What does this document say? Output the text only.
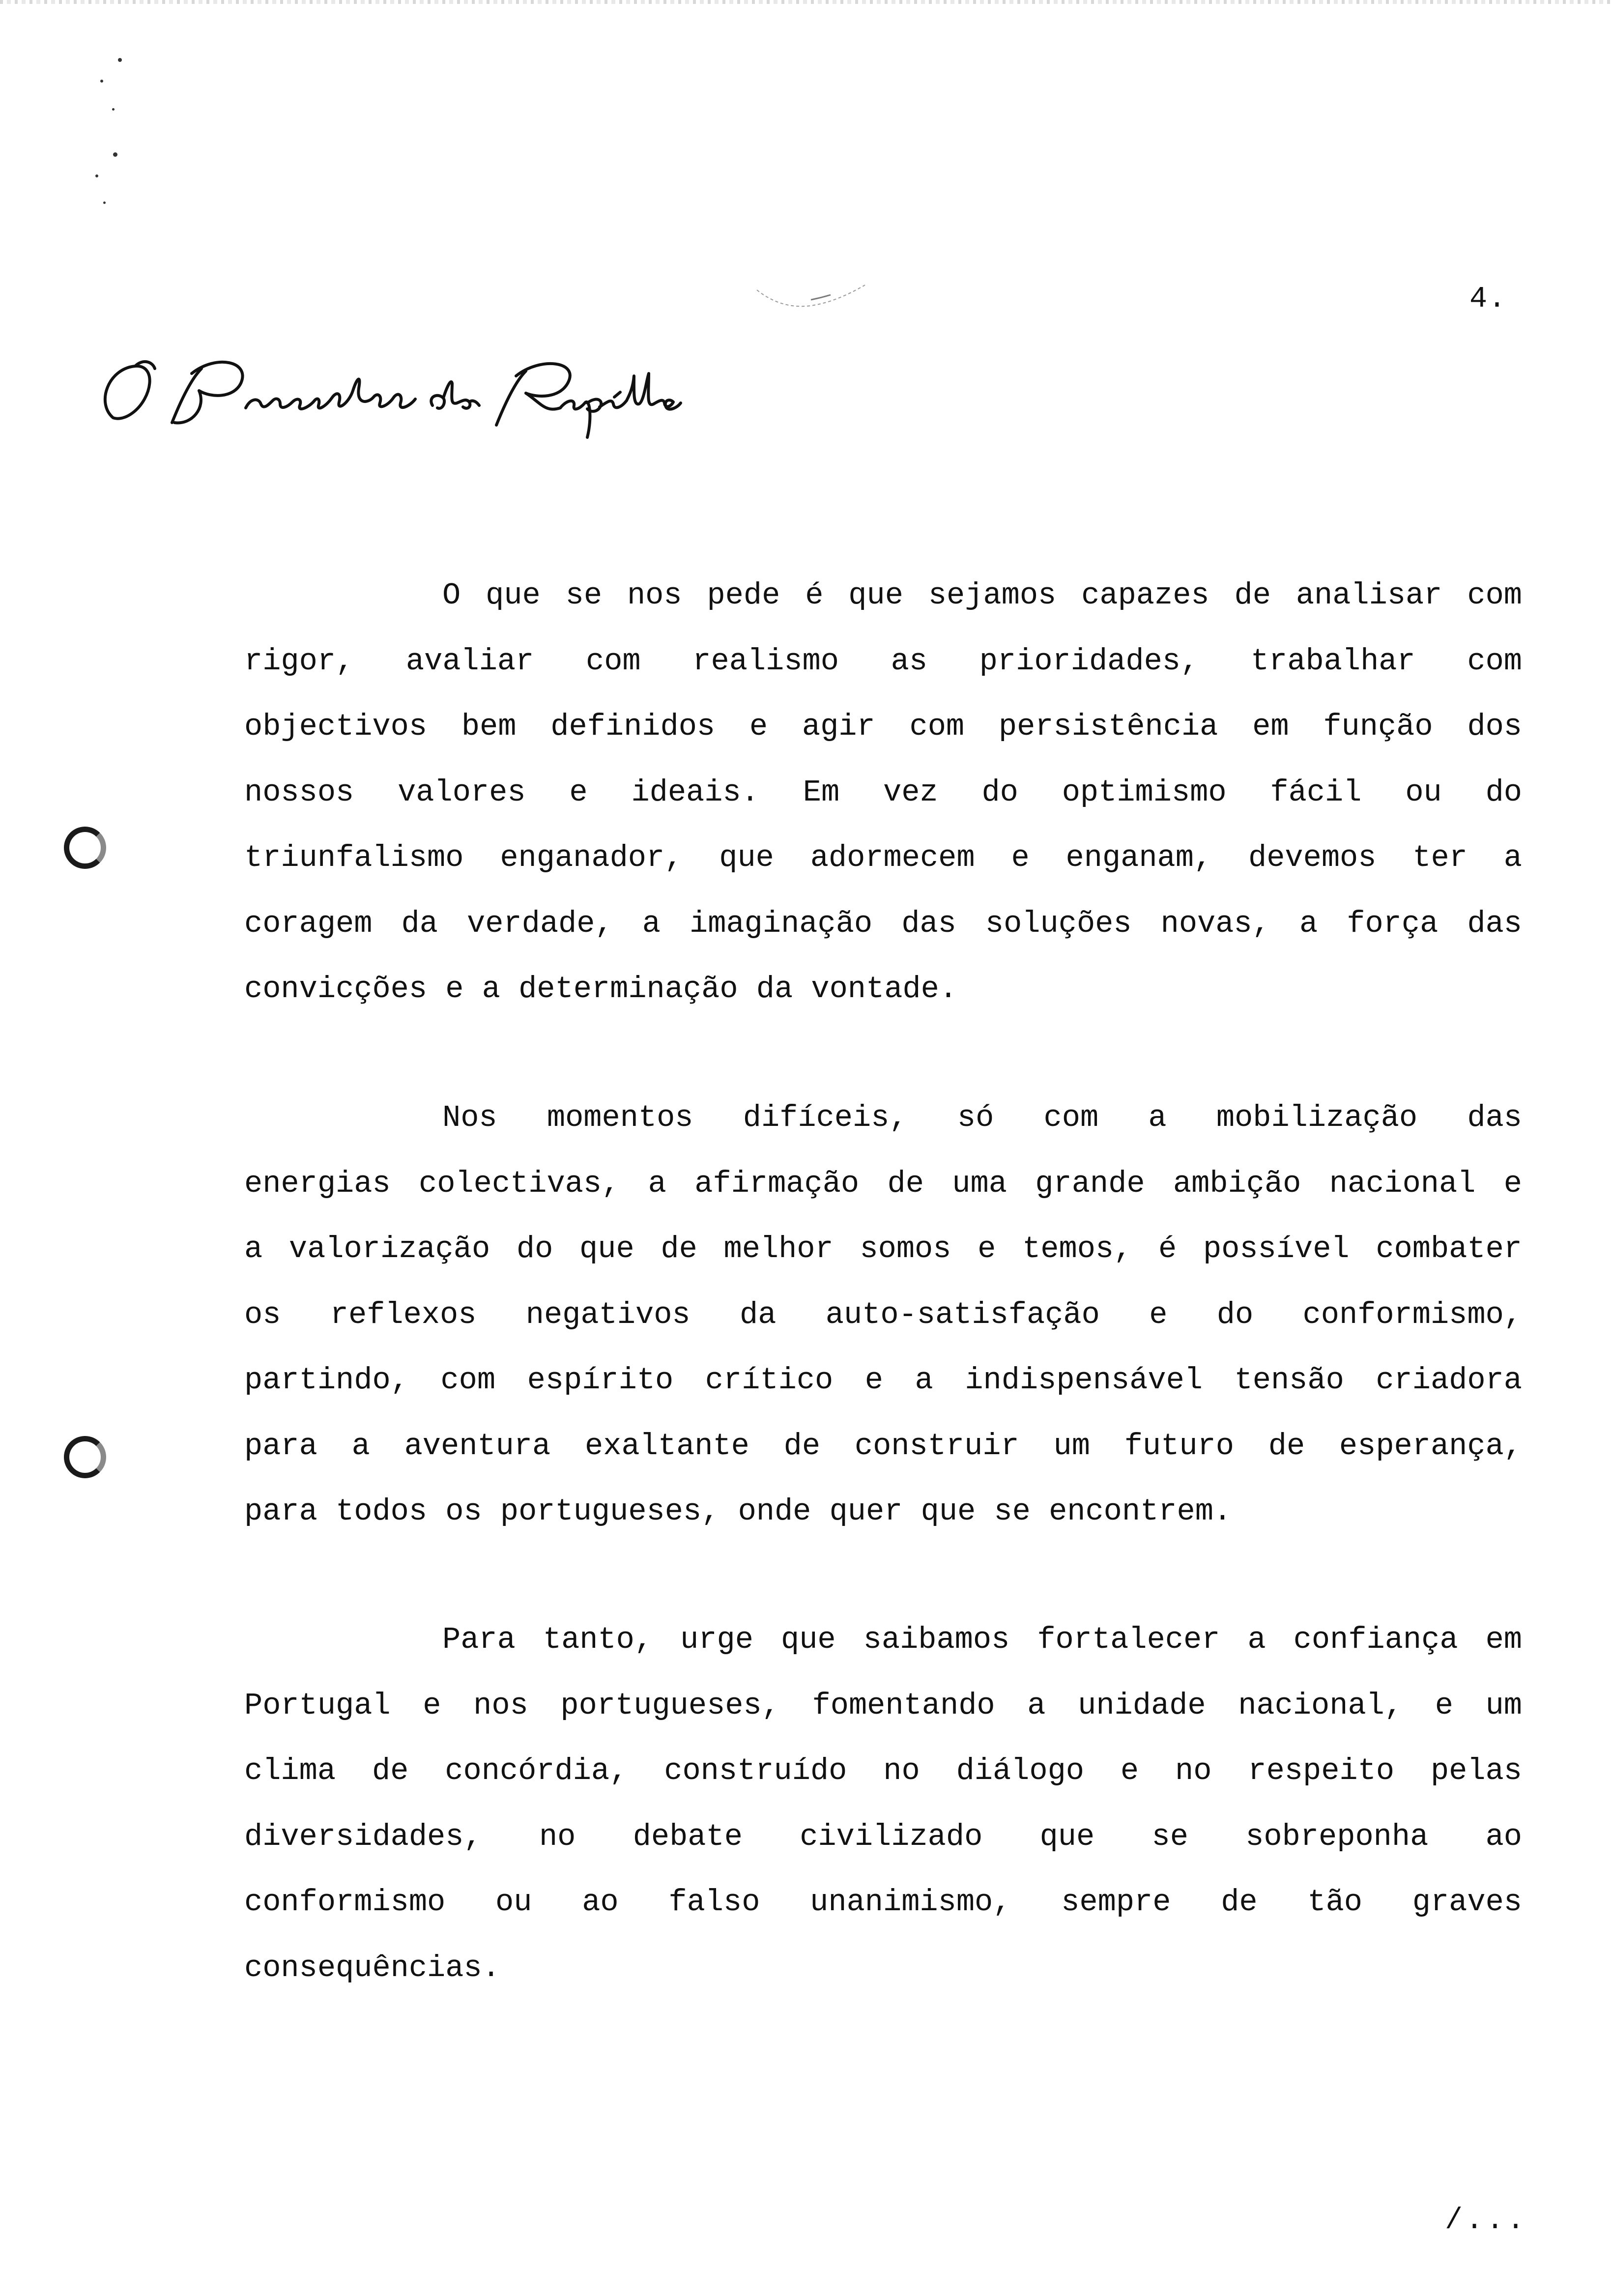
4.
O que se nos pede é que sejamos capazes de analisar com
rigor, avaliar com realismo as prioridades, trabalhar com
objectivos bem definidos e agir com persistência em função dos
nossos valores e ideais. Em vez do optimismo fácil ou do
triunfalismo enganador, que adormecem e enganam, devemos ter a
coragem da verdade, a imaginação das soluções novas, a força das
convicções e a determinação da vontade.
Nos momentos difíceis, só com a mobilização das
energias colectivas, a afirmação de uma grande ambição nacional e
a valorização do que de melhor somos e temos, é possível combater
os reflexos negativos da auto-satisfação e do conformismo,
partindo, com espírito crítico e a indispensável tensão criadora
para a aventura exaltante de construir um futuro de esperança,
para todos os portugueses, onde quer que se encontrem.
Para tanto, urge que saibamos fortalecer a confiança em
Portugal e nos portugueses, fomentando a unidade nacional, e um
clima de concórdia, construído no diálogo e no respeito pelas
diversidades, no debate civilizado que se sobreponha ao
conformismo ou ao falso unanimismo, sempre de tão graves
consequências.
/...
